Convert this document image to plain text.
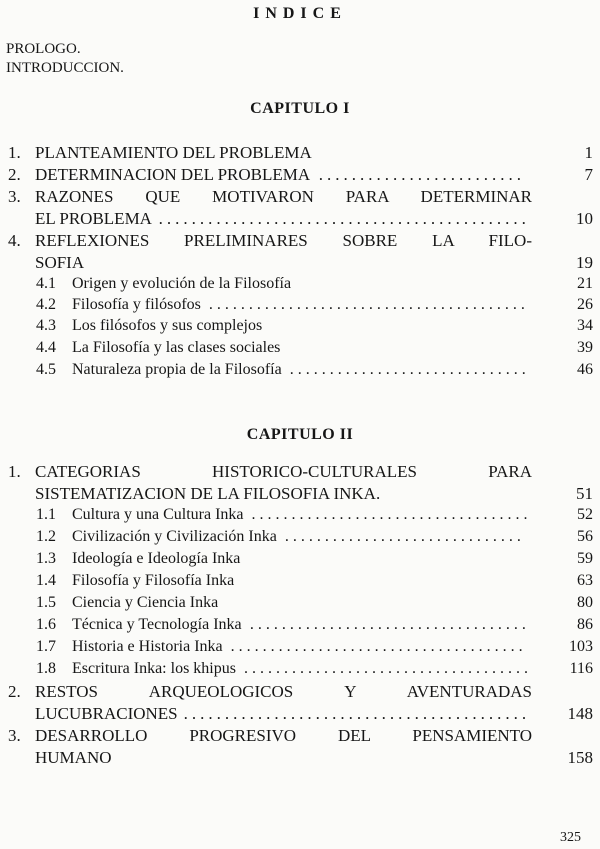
INDICE
PROLOGO.
INTRODUCCION.
CAPITULO I
1. PLANTEAMIENTO DEL PROBLEMA	1
2. DETERMINACION DEL PROBLEMA .........................	7
3. RAZONES QUE MOTIVARON PARA DETERMINAR
EL PROBLEMA .............................................	10
4. REFLEXIONES PRELIMINARES SOBRE LA FILO-
SOFIA	19
4.1 Origen y evolución de la Filosofía	21
4.2 Filosofía y filósofos ........................................	26
4.3 Los filósofos y sus complejos	34
4.4 La Filosofía y las clases sociales	39
4.5 Naturaleza propia de la Filosofía ..............................	46
CAPITULO II
1. CATEGORIAS HISTORICO-CULTURALES PARA
SISTEMATIZACION DE LA FILOSOFIA INKA.	51
1.1 Cultura y una Cultura Inka ...................................	52
1.2 Civilización y Civilización Inka ..............................	56
1.3 Ideología e Ideología Inka	59
1.4 Filosofía y Filosofía Inka	63
1.5 Ciencia y Ciencia Inka	80
1.6 Técnica y Tecnología Inka ...................................	86
1.7 Historia e Historia Inka .....................................	103
1.8 Escritura Inka: los khipus .................................... 116
2. RESTOS ARQUEOLOGICOS Y AVENTURADAS
LUCUBRACIONES .......................................... 148
3. DESARROLLO PROGRESIVO DEL PENSAMIENTO
HUMANO	158
325
